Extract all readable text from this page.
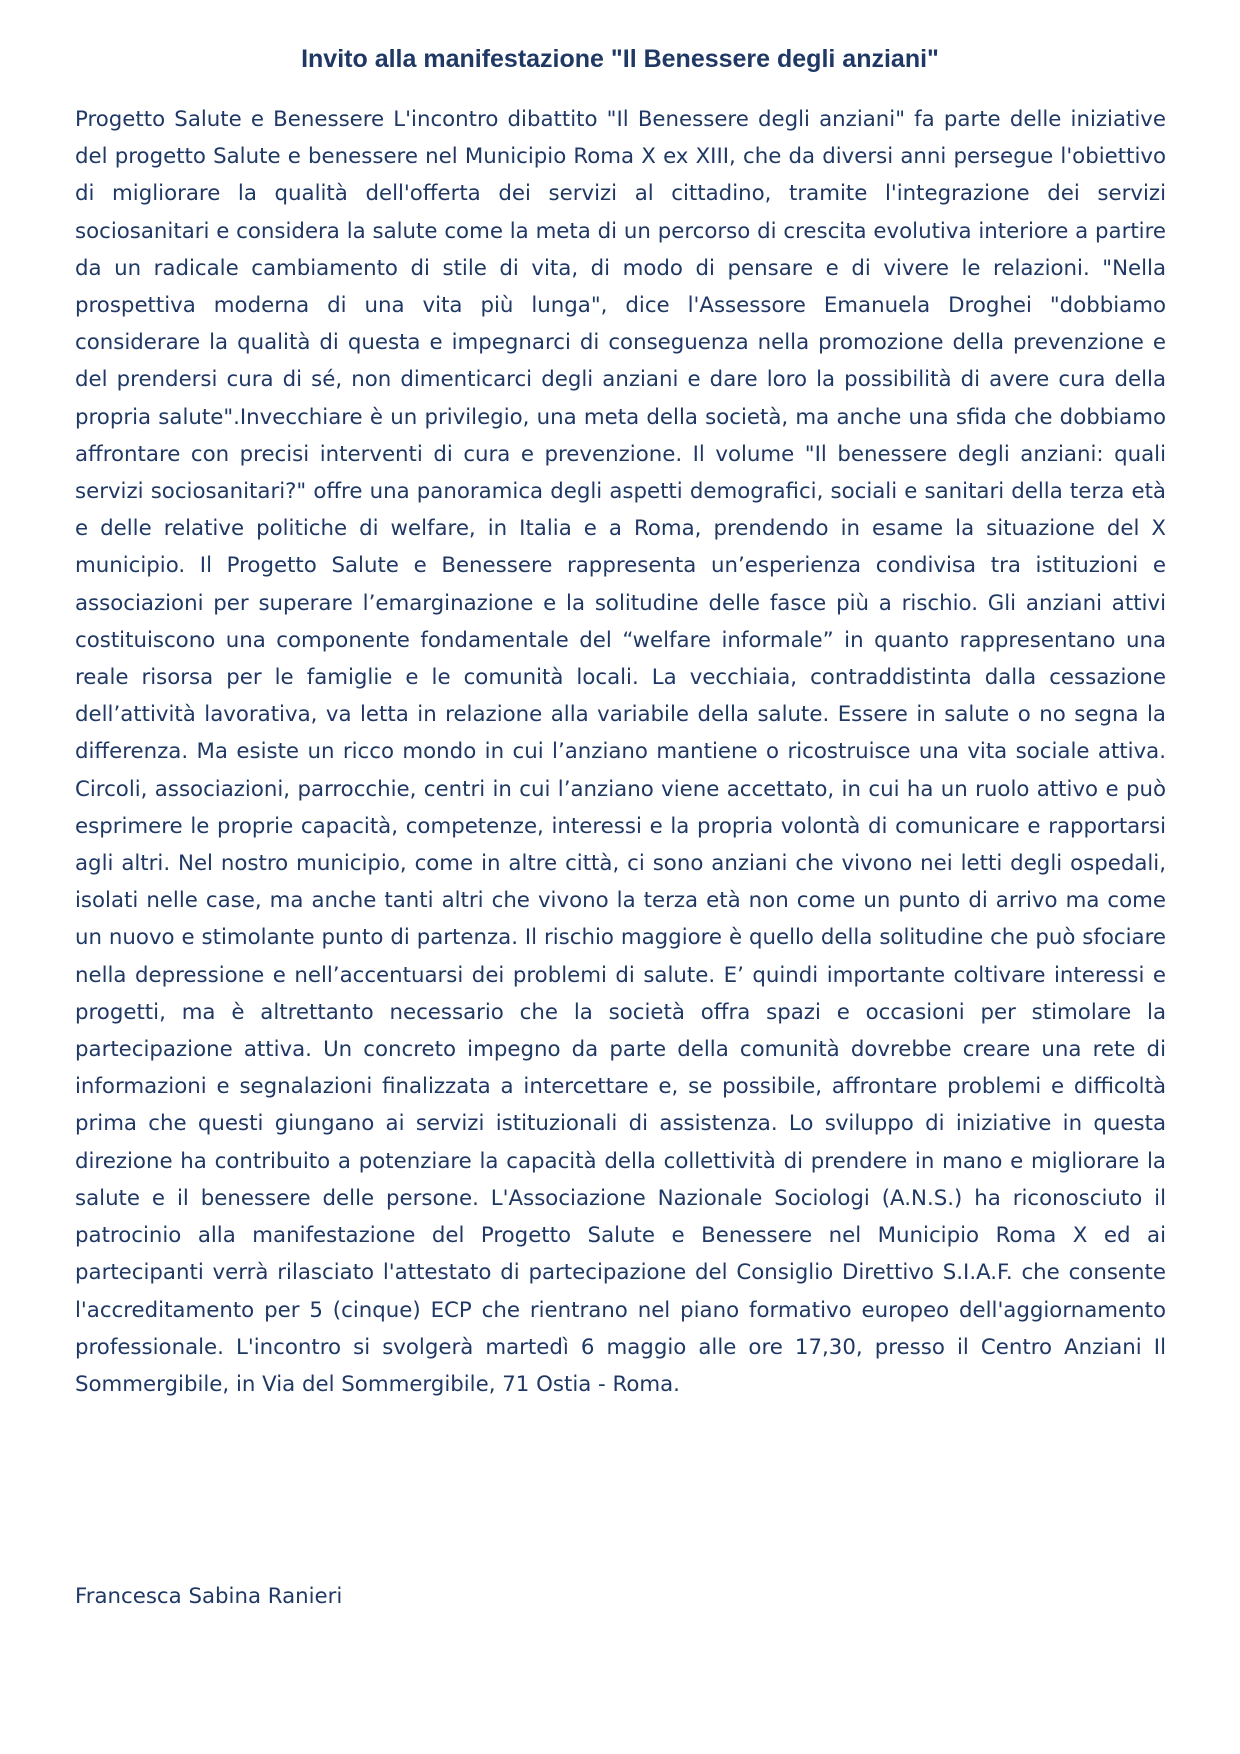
Invito alla manifestazione "Il Benessere degli anziani"

Progetto Salute e Benessere L'incontro dibattito "Il Benessere degli anziani" fa parte delle iniziative del progetto Salute e benessere nel Municipio Roma X ex XIII, che da diversi anni persegue l'obiettivo di migliorare la qualità dell'offerta dei servizi al cittadino, tramite l'integrazione dei servizi sociosanitari e considera la salute come la meta di un percorso di crescita evolutiva interiore a partire da un radicale cambiamento di stile di vita, di modo di pensare e di vivere le relazioni. "Nella prospettiva moderna di una vita più lunga", dice l'Assessore Emanuela Droghei "dobbiamo considerare la qualità di questa e impegnarci di conseguenza nella promozione della prevenzione e del prendersi cura di sé, non dimenticarci degli anziani e dare loro la possibilità di avere cura della propria salute".Invecchiare è un privilegio, una meta della società, ma anche una sfida che dobbiamo affrontare con precisi interventi di cura e prevenzione. Il volume "Il benessere degli anziani: quali servizi sociosanitari?" offre una panoramica degli aspetti demografici, sociali e sanitari della terza età e delle relative politiche di welfare, in Italia e a Roma, prendendo in esame la situazione del X municipio. Il Progetto Salute e Benessere rappresenta un’esperienza condivisa tra istituzioni e associazioni per superare l’emarginazione e la solitudine delle fasce più a rischio. Gli anziani attivi costituiscono una componente fondamentale del “welfare informale” in quanto rappresentano una reale risorsa per le famiglie e le comunità locali. La vecchiaia, contraddistinta dalla cessazione dell’attività lavorativa, va letta in relazione alla variabile della salute. Essere in salute o no segna la differenza. Ma esiste un ricco mondo in cui l’anziano mantiene o ricostruisce una vita sociale attiva. Circoli, associazioni, parrocchie, centri in cui l’anziano viene accettato, in cui ha un ruolo attivo e può esprimere le proprie capacità, competenze, interessi e la propria volontà di comunicare e rapportarsi agli altri. Nel nostro municipio, come in altre città, ci sono anziani che vivono nei letti degli ospedali, isolati nelle case, ma anche tanti altri che vivono la terza età non come un punto di arrivo ma come un nuovo e stimolante punto di partenza. Il rischio maggiore è quello della solitudine che può sfociare nella depressione e nell’accentuarsi dei problemi di salute. E’ quindi importante coltivare interessi e progetti, ma è altrettanto necessario che la società offra spazi e occasioni per stimolare la partecipazione attiva. Un concreto impegno da parte della comunità dovrebbe creare una rete di informazioni e segnalazioni finalizzata a intercettare e, se possibile, affrontare problemi e difficoltà prima che questi giungano ai servizi istituzionali di assistenza. Lo sviluppo di iniziative in questa direzione ha contribuito a potenziare la capacità della collettività di prendere in mano e migliorare la salute e il benessere delle persone. L'Associazione Nazionale Sociologi (A.N.S.) ha riconosciuto il patrocinio alla manifestazione del Progetto Salute e Benessere nel Municipio Roma X ed ai partecipanti verrà rilasciato l'attestato di partecipazione del Consiglio Direttivo S.I.A.F. che consente l'accreditamento per 5 (cinque) ECP che rientrano nel piano formativo europeo dell'aggiornamento professionale. L'incontro si svolgerà martedì 6 maggio alle ore 17,30, presso il Centro Anziani Il Sommergibile, in Via del Sommergibile, 71 Ostia - Roma.

Francesca Sabina Ranieri
